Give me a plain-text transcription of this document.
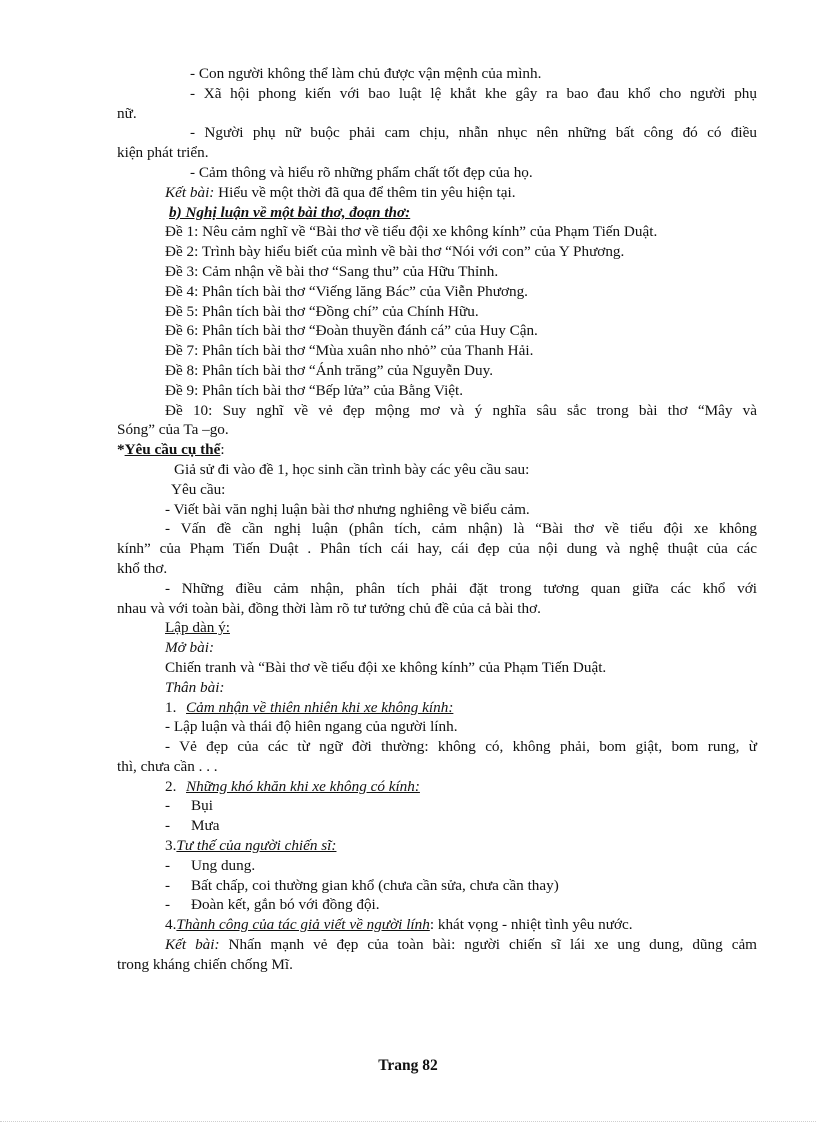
- Con người không thể làm chủ được vận mệnh của mình.
- Xã hội phong kiến với bao luật lệ khắt khe gây ra bao đau khổ cho người phụ
nữ.
- Người phụ nữ buộc phải cam chịu, nhẫn nhục nên những bất công đó có điều
kiện phát triển.
- Cảm thông và hiểu rõ những phẩm chất tốt đẹp của họ.
Kết bài: Hiểu về một thời đã qua để thêm tin yêu hiện tại.
b) Nghị luận về một bài thơ, đoạn thơ:
Đề 1: Nêu cảm nghĩ về “Bài thơ về tiểu đội xe không kính” của Phạm Tiến Duật.
Đề 2: Trình bày hiểu biết của mình về bài thơ “Nói với con” của Y Phương.
Đề 3: Cảm nhận về bài thơ “Sang thu” của Hữu Thỉnh.
Đề 4: Phân tích bài thơ “Viếng lăng Bác” của Viễn Phương.
Đề 5: Phân tích bài thơ “Đồng chí” của Chính Hữu.
Đề 6: Phân tích bài thơ “Đoàn thuyền đánh cá” của Huy Cận.
Đề 7: Phân tích bài thơ “Mùa xuân nho nhỏ” của Thanh Hải.
Đề 8: Phân tích bài thơ “Ánh trăng” của Nguyễn Duy.
Đề 9: Phân tích bài thơ “Bếp lửa” của Bằng Việt.
Đề 10: Suy nghĩ về vẻ đẹp mộng mơ và ý nghĩa sâu sắc trong bài thơ “Mây và
Sóng” của Ta –go.
*Yêu cầu cụ thể:
Giả sử đi vào đề 1, học sinh cần trình bày các yêu cầu sau:
Yêu cầu:
- Viết bài văn nghị luận bài thơ nhưng nghiêng về biểu cảm.
- Vấn đề cần nghị luận (phân tích, cảm nhận) là “Bài thơ về tiểu đội xe không
kính” của Phạm Tiến Duật . Phân tích cái hay, cái đẹp của nội dung và nghệ thuật của các
khổ thơ.
- Những điều cảm nhận, phân tích phải đặt trong tương quan giữa các khổ với
nhau và với toàn bài, đồng thời làm rõ tư tưởng chủ đề của cả bài thơ.
Lập dàn ý:
Mở bài:
Chiến tranh và “Bài thơ về tiểu đội xe không kính” của Phạm Tiến Duật.
Thân bài:
1. Cảm nhận về thiên nhiên khi xe không kính:
- Lập luận và thái độ hiên ngang của người lính.
- Vẻ đẹp của các từ ngữ đời thường: không có, không phải, bom giật, bom rung, ừ
thì, chưa cần . . .
2. Những khó khăn khi xe không có kính:
- Bụi
- Mưa
3.Tư thế của người chiến sĩ:
- Ung dung.
- Bất chấp, coi thường gian khổ (chưa cần sửa, chưa cần thay)
- Đoàn kết, gắn bó với đồng đội.
4.Thành công của tác giả viết về người lính: khát vọng - nhiệt tình yêu nước.
Kết bài: Nhấn mạnh vẻ đẹp của toàn bài: người chiến sĩ lái xe ung dung, dũng cảm
trong kháng chiến chống Mĩ.
Trang 82
